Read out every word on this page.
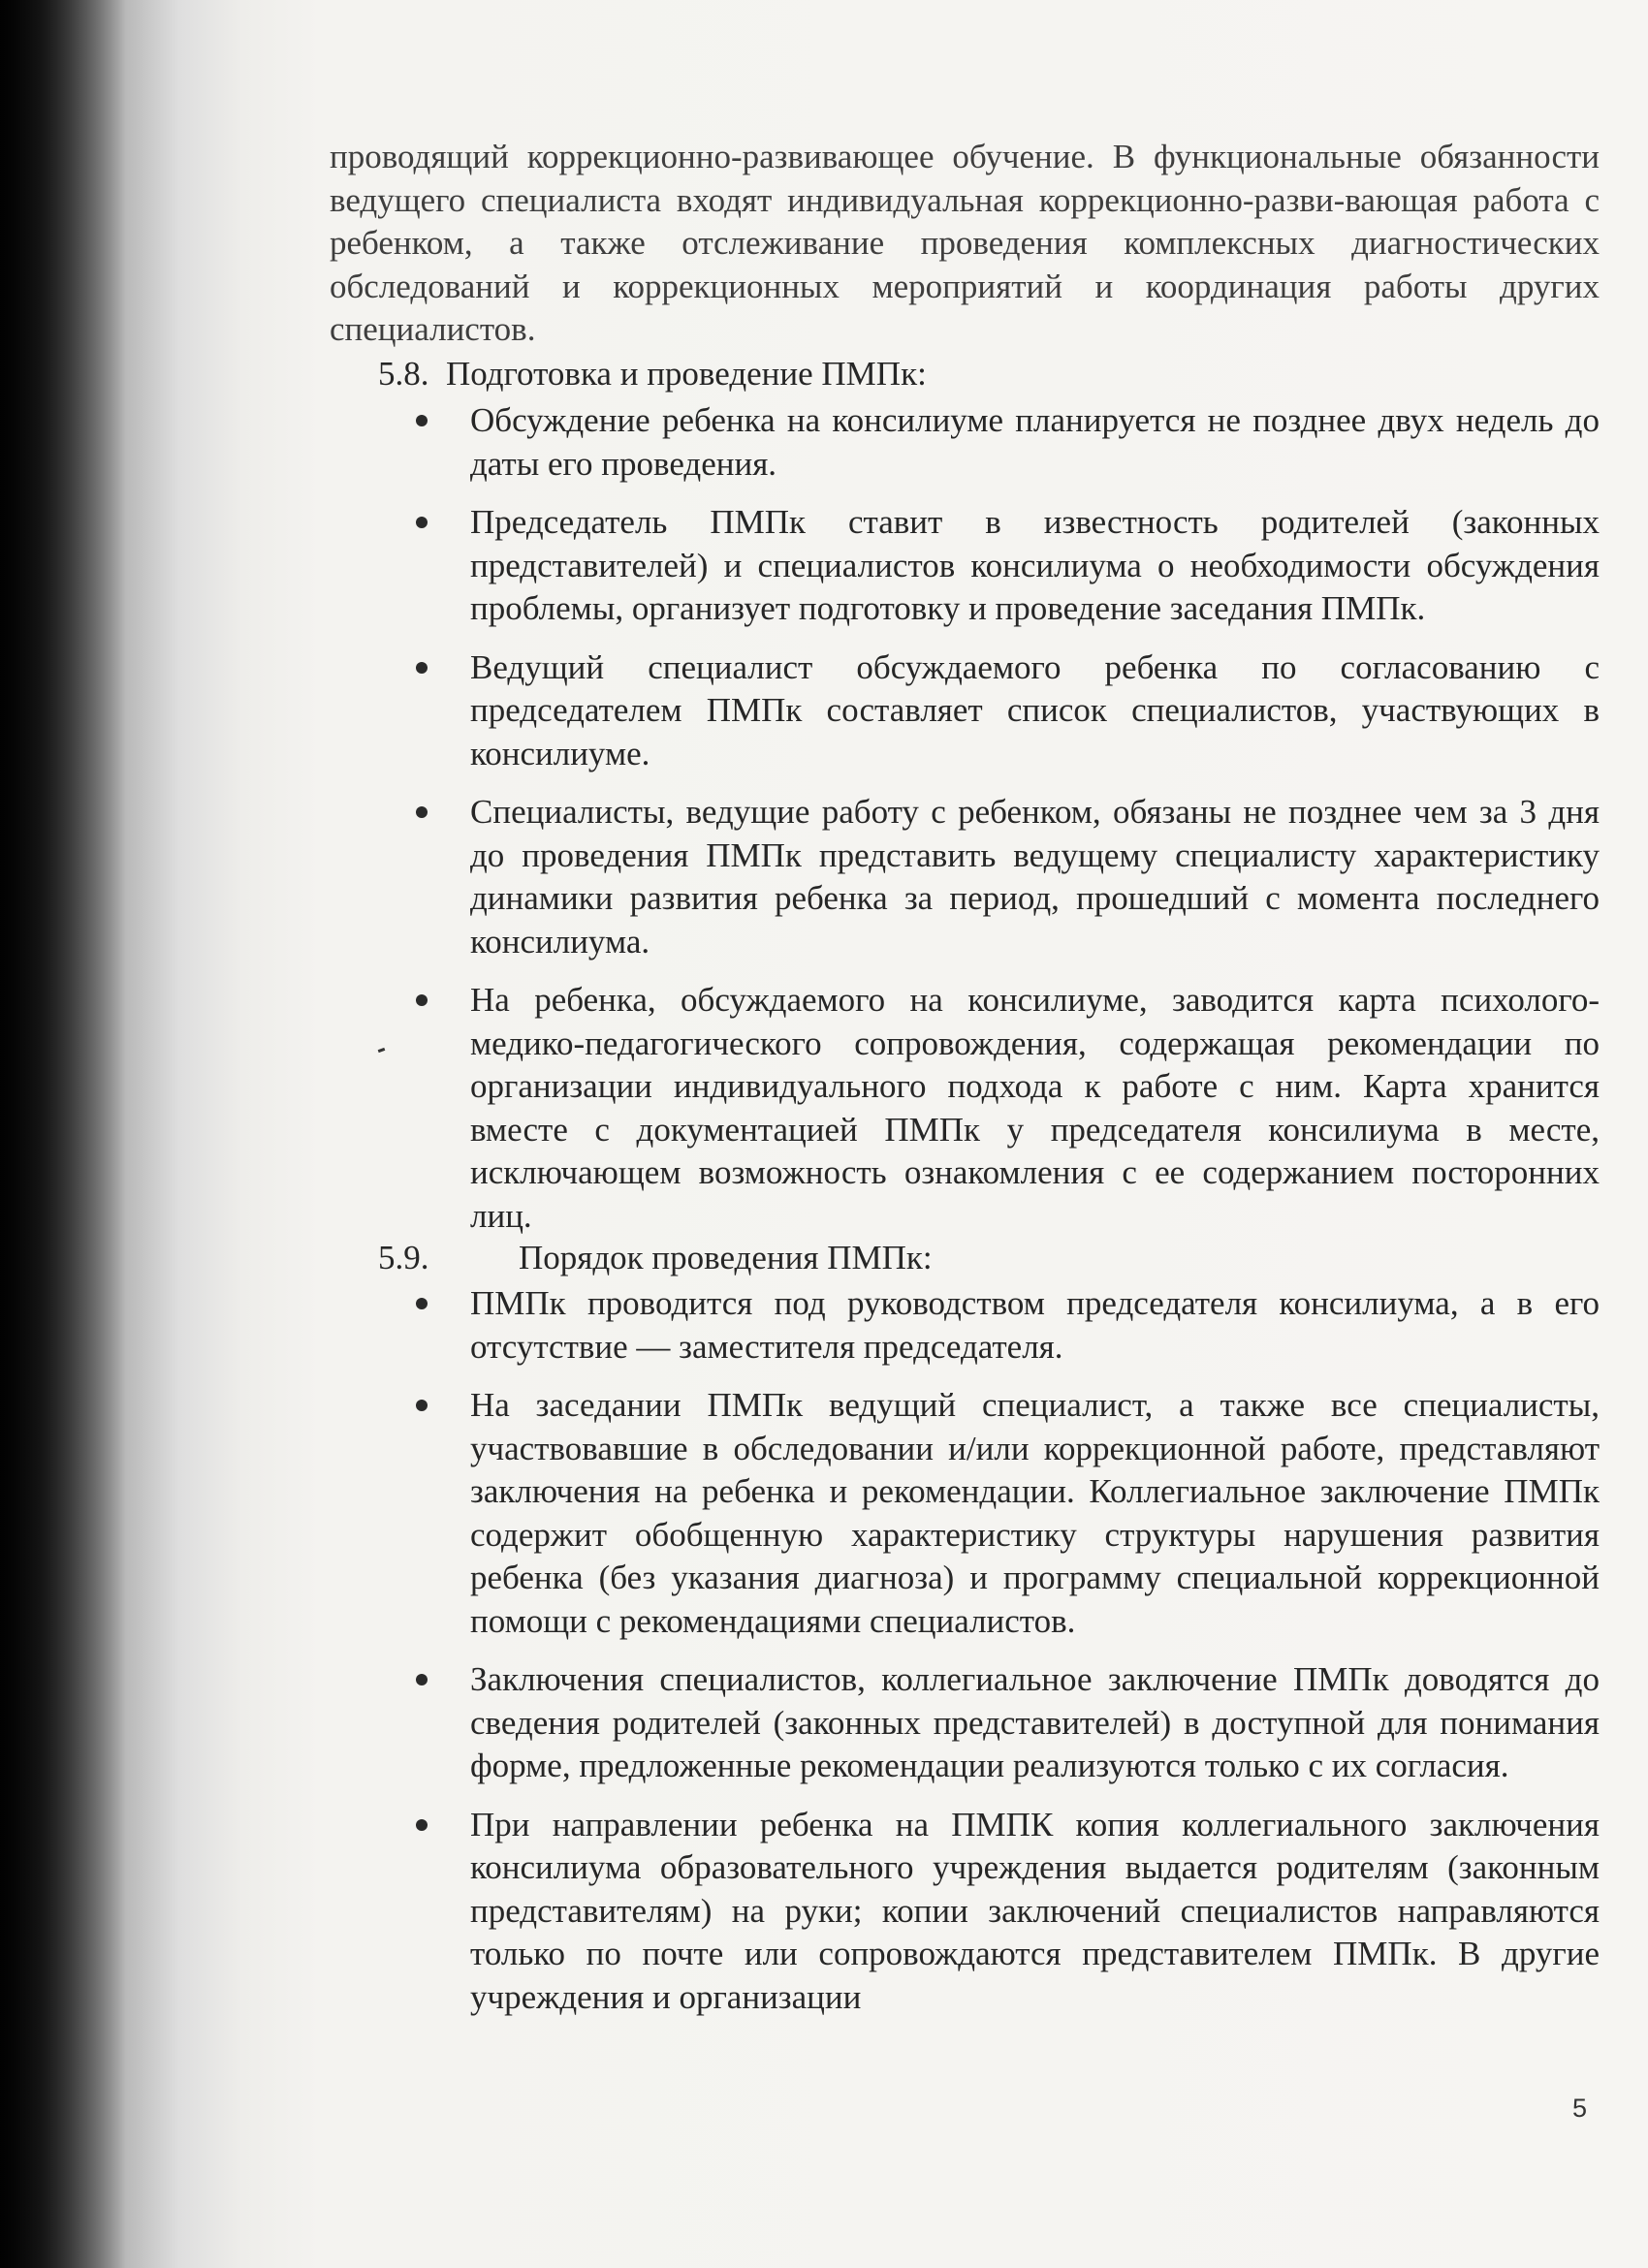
проводящий коррекционно-развивающее обучение. В функциональные обязанности ведущего специалиста входят индивидуальная коррекционно-разви-вающая работа с ребенком, а также отслеживание проведения комплексных диагностических обследований и коррекционных мероприятий и координация работы других специалистов.

5.8. Подготовка и проведение ПМПк:
Обсуждение ребенка на консилиуме планируется не позднее двух недель до даты его проведения.
Председатель ПМПк ставит в известность родителей (законных представителей) и специалистов консилиума о необходимости обсуждения проблемы, организует подготовку и проведение заседания ПМПк.
Ведущий специалист обсуждаемого ребенка по согласованию с председателем ПМПк составляет список специалистов, участвующих в консилиуме.
Специалисты, ведущие работу с ребенком, обязаны не позднее чем за 3 дня до проведения ПМПк представить ведущему специалисту характеристику динамики развития ребенка за период, прошедший с момента последнего консилиума.
На ребенка, обсуждаемого на консилиуме, заводится карта психолого-медико-педагогического сопровождения, содержащая рекомендации по организации индивидуального подхода к работе с ним. Карта хранится вместе с документацией ПМПк у председателя консилиума в месте, исключающем возможность ознакомления с ее содержанием посторонних лиц.
5.9.	Порядок проведения ПМПк:
ПМПк проводится под руководством председателя консилиума, а в его отсутствие — заместителя председателя.
На заседании ПМПк ведущий специалист, а также все специалисты, участвовавшие в обследовании и/или коррекционной работе, представляют заключения на ребенка и рекомендации. Коллегиальное заключение ПМПк содержит обобщенную характеристику структуры нарушения развития ребенка (без указания диагноза) и программу специальной коррекционной помощи с рекомендациями специалистов.
Заключения специалистов, коллегиальное заключение ПМПк доводятся до сведения родителей (законных представителей) в доступной для понимания форме, предложенные рекомендации реализуются только с их согласия.
При направлении ребенка на ПМПК копия коллегиального заключения консилиума образовательного учреждения выдается родителям (законным представителям) на руки; копии заключений специалистов направляются только по почте или сопровождаются представителем ПМПк. В другие учреждения и организации
5
